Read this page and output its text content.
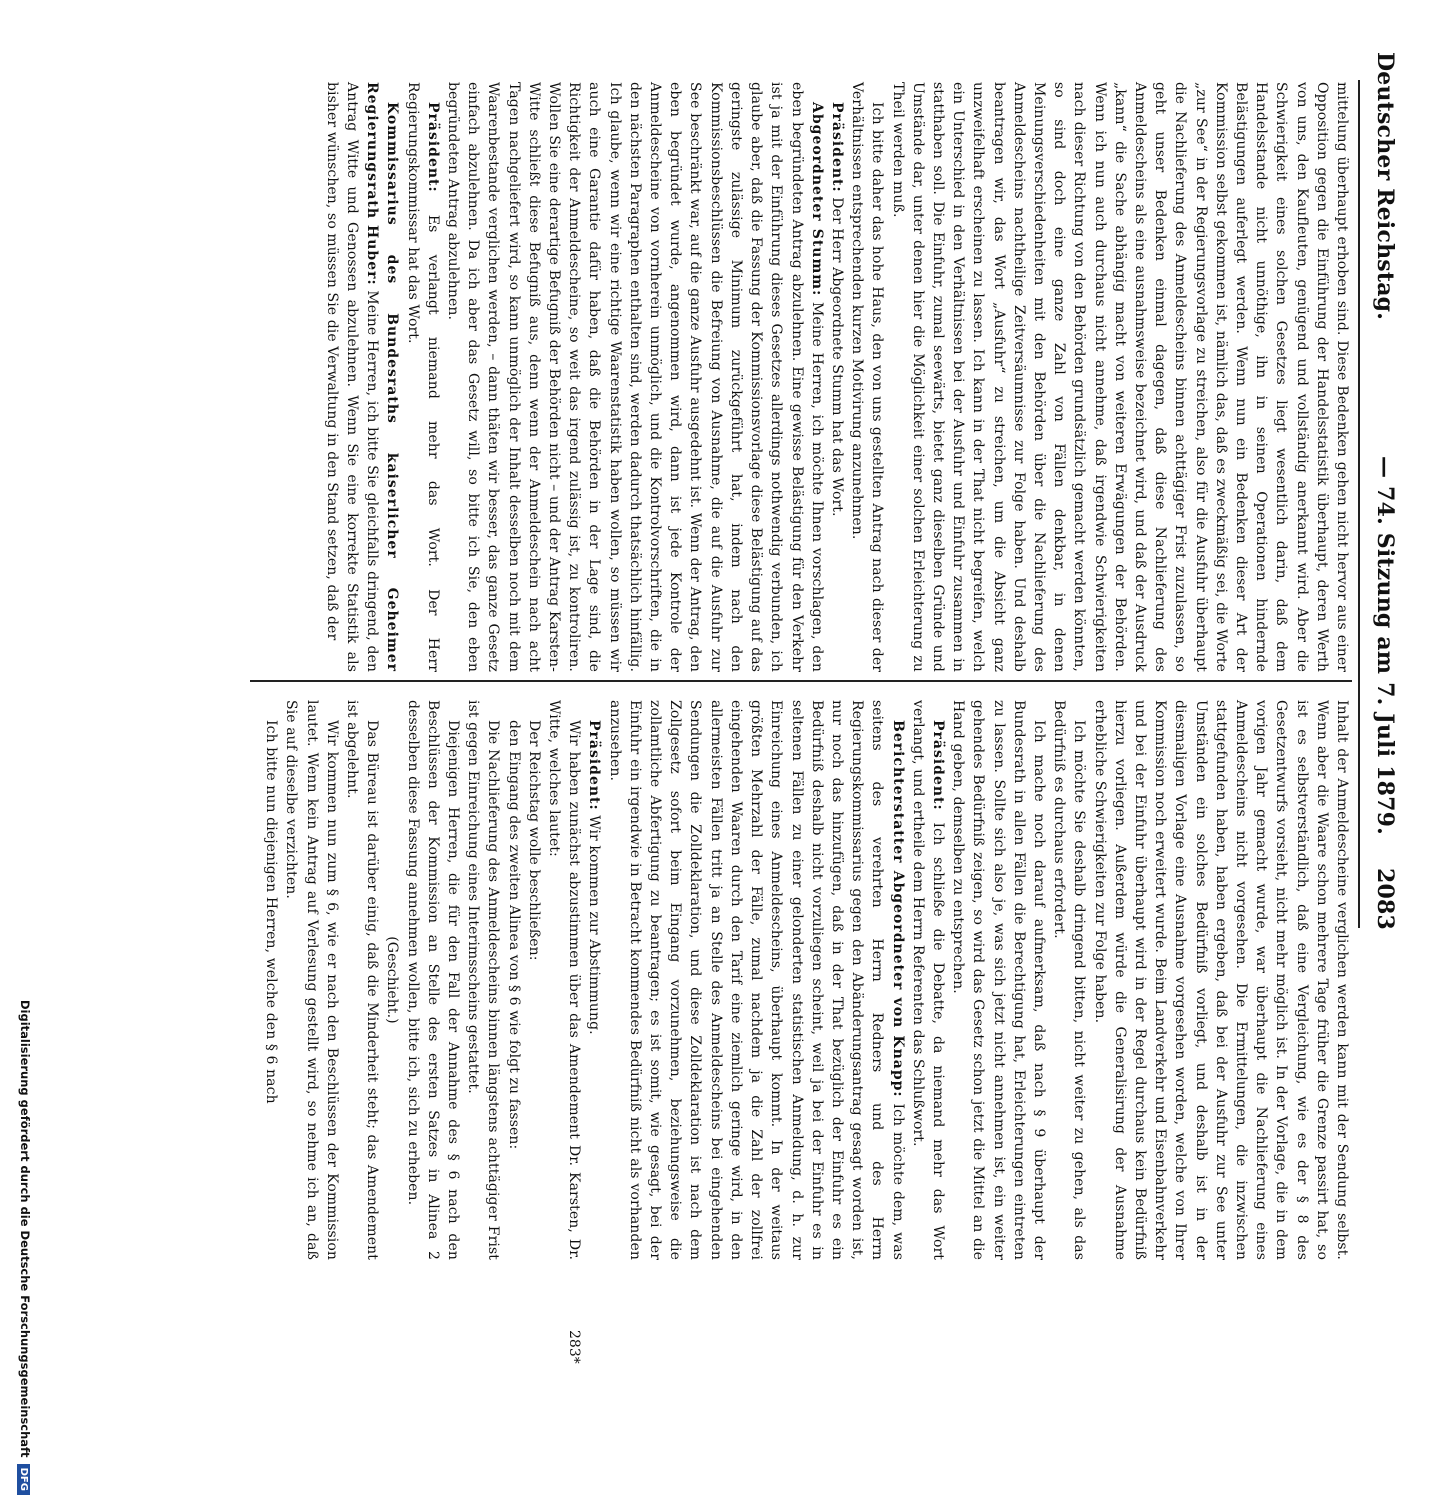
Deutscher Reichstag.
— 74. Sitzung am 7. Juli 1879.
2083

mittelung überhaupt erhoben sind. Diese Bedenken gehen nicht hervor aus einer Opposition gegen die Einführung der Handelsstatistik überhaupt, deren Werth von uns, den Kaufleuten, genügend und vollständig anerkannt wird. Aber die Schwierigkeit eines solchen Gesetzes liegt wesentlich darin, daß dem Handelsstande nicht unnöthige, ihn in seinen Operationen hindernde Belästigungen auferlegt werden. Wenn nun ein Bedenken dieser Art der Kommission selbst gekommen ist, nämlich das, daß es zweckmäßig sei, die Worte „zur See“ in der Regierungsvorlage zu streichen, also für die Ausfuhr überhaupt die Nachlieferung des Anmeldescheins binnen achttägiger Frist zuzulassen, so geht unser Bedenken einmal dagegen, daß diese Nachlieferung des Anmeldescheins als eine ausnahmsweise bezeichnet wird, und daß der Ausdruck „kann“ die Sache abhängig macht von weiteren Erwägungen der Behörden. Wenn ich nun auch durchaus nicht annehme, daß irgendwie Schwierigkeiten nach dieser Richtung von den Behörden grundsätzlich gemacht werden könnten, so sind doch eine ganze Zahl von Fällen denkbar, in denen Meinungsverschiedenheiten mit den Behörden über die Nachlieferung des Anmeldescheins nachtheilige Zeitversäumnisse zur Folge haben. Und deshalb beantragen wir, das Wort „Ausfuhr“ zu streichen, um die Absicht ganz unzweifelhaft erscheinen zu lassen. Ich kann in der That nicht begreifen, welch ein Unterschied in den Verhältnissen bei der Ausfuhr und Einfuhr zusammen in statthaben soll. Die Einfuhr, zumal seewärts, bietet ganz dieselben Gründe und Umstände dar, unter denen hier die Möglichkeit einer solchen Erleichterung zu Theil werden muß.

Ich bitte daher das hohe Haus, den von uns gestellten Antrag nach dieser der Verhältnissen entsprechenden kurzen Motivirung anzunehmen.

Präsident: Der Herr Abgeordnete Stumm hat das Wort.

Abgeordneter Stumm: Meine Herren, ich möchte Ihnen vorschlagen, den eben begründeten Antrag abzulehnen. Eine gewisse Belästigung für den Verkehr ist ja mit der Einführung dieses Gesetzes allerdings nothwendig verbunden, ich glaube aber, daß die Fassung der Kommissionsvorlage diese Belästigung auf das geringste zulässige Minimum zurückgeführt hat, indem nach den Kommissionsbeschlüssen die Befreiung von Ausnahme, die auf die Ausfuhr zur See beschränkt war, auf die ganze Ausfuhr ausgedehnt ist. Wenn der Antrag, den eben begründet wurde, angenommen wird, dann ist jede Kontrole der Anmeldescheine von vornherein unmöglich, und die Kontrolvorschriften, die in den nächsten Paragraphen enthalten sind, werden dadurch thatsächlich hinfällig. Ich glaube, wenn wir eine richtige Waarenstatistik haben wollen, so müssen wir auch eine Garantie dafür haben, daß die Behörden in der Lage sind, die Richtigkeit der Anmeldescheine, so weit das irgend zulässig ist, zu kontroliren. Wollen Sie eine derartige Befugniß der Behörden nicht – und der Antrag Karsten-Witte schließt diese Befugniß aus, denn wenn der Anmeldeschein nach acht Tagen nachgeliefert wird, so kann unmöglich der Inhalt desselben noch mit dem Waarenbestande verglichen werden, – dann thäten wir besser, das ganze Gesetz einfach abzulehnen. Da ich aber das Gesetz will, so bitte ich Sie, den eben begründeten Antrag abzulehnen.

Präsident: Es verlangt niemand mehr das Wort. Der Herr Regierungskommissar hat das Wort.

Kommissarius des Bundesraths kaiserlicher Geheimer Regierungsrath Huber: Meine Herren, ich bitte Sie gleichfalls dringend, den Antrag Witte und Genossen abzulehnen. Wenn Sie eine korrekte Statistik als bisher wünschen, so müssen Sie die Verwaltung in den Stand setzen, daß der

Inhalt der Anmeldescheine verglichen werden kann mit der Sendung selbst. Wenn aber die Waare schon mehrere Tage früher die Grenze passirt hat, so ist es selbstverständlich, daß eine Vergleichung, wie es der § 8 des Gesetzentwurfs vorsieht, nicht mehr möglich ist. In der Vorlage, die in dem vorigen Jahr gemacht wurde, war überhaupt die Nachlieferung eines Anmeldescheins nicht vorgesehen. Die Ermittelungen, die inzwischen stattgefunden haben, haben ergeben, daß bei der Ausfuhr zur See unter Umständen ein solches Bedürfniß vorliegt, und deshalb ist in der diesmaligen Vorlage eine Ausnahme vorgesehen worden, welche von Ihrer Kommission noch erweitert wurde. Beim Landverkehr und Eisenbahnverkehr und bei der Einfuhr überhaupt wird in der Regel durchaus kein Bedürfniß hierzu vorliegen. Außerdem würde die Generalisirung der Ausnahme erhebliche Schwierigkeiten zur Folge haben.

Ich möchte Sie deshalb dringend bitten, nicht weiter zu gehen, als das Bedürfniß es durchaus erfordert.

Ich mache noch darauf aufmerksam, daß nach § 9 überhaupt der Bundesrath in allen Fällen die Berechtigung hat, Erleichterungen eintreten zu lassen. Sollte sich also je, was sich jetzt nicht annehmen ist, ein weiter gehendes Bedürfniß zeigen, so wird das Gesetz schon jetzt die Mittel an die Hand geben, demselben zu entsprechen.

Präsident: Ich schließe die Debatte, da niemand mehr das Wort verlangt, und ertheile dem Herrn Referenten das Schlußwort.

Berichterstatter Abgeordneter von Knapp: Ich möchte dem, was seitens des verehrten Herrn Redners und des Herrn Regierungskommissarius gegen den Abänderungsantrag gesagt worden ist, nur noch das hinzufügen, daß in der That bezüglich der Einfuhr es ein Bedürfniß deshalb nicht vorzuliegen scheint, weil ja bei der Einfuhr es in seltenen Fällen zu einer gelonderten statistischen Anmeldung, d. h. zur Einreichung eines Anmeldescheins, überhaupt kommt. In der weitaus größten Mehrzahl der Fälle, zumal nachdem ja die Zahl der zollfrei eingehenden Waaren durch den Tarif eine ziemlich geringe wird, in den allermeisten Fällen tritt ja an Stelle des Anmeldescheins bei eingehenden Sendungen die Zolldeklaration, und diese Zolldeklaration ist nach dem Zollgesetz sofort beim Eingang vorzunehmen, beziehungsweise die zollamtliche Abfertigung zu beantragen; es ist somit, wie gesagt, bei der Einfuhr ein irgendwie in Betracht kommendes Bedürfniß nicht als vorhanden anzusehen.

Präsident: Wir kommen zur Abstimmung.

Wir haben zunächst abzustimmen über das Amendement Dr. Karsten, Dr. Witte, welches lautet:

Der Reichstag wolle beschließen:

den Eingang des zweiten Alinea von § 6 wie folgt zu fassen:

Die Nachlieferung des Anmeldescheins binnen längstens achttägiger Frist ist gegen Einreichung eines Interimsscheins gestattet.

Diejenigen Herren, die für den Fall der Annahme des § 6 nach den Beschlüssen der Kommission an Stelle des ersten Satzes in Alinea 2 desselben diese Fassung annehmen wollen, bitte ich, sich zu erheben.

(Geschieht.)

Das Büreau ist darüber einig, daß die Minderheit steht; das Amendement ist abgelehnt.

Wir kommen nun zum § 6, wie er nach den Beschlüssen der Kommission lautet. Wenn kein Antrag auf Verlesung gestellt wird, so nehme ich an, daß Sie auf dieselbe verzichten.

Ich bitte nun diejenigen Herren, welche den § 6 nach

283*
Digitalisierung gefördert durch die Deutsche ForschungsgemeinschaftDFG
